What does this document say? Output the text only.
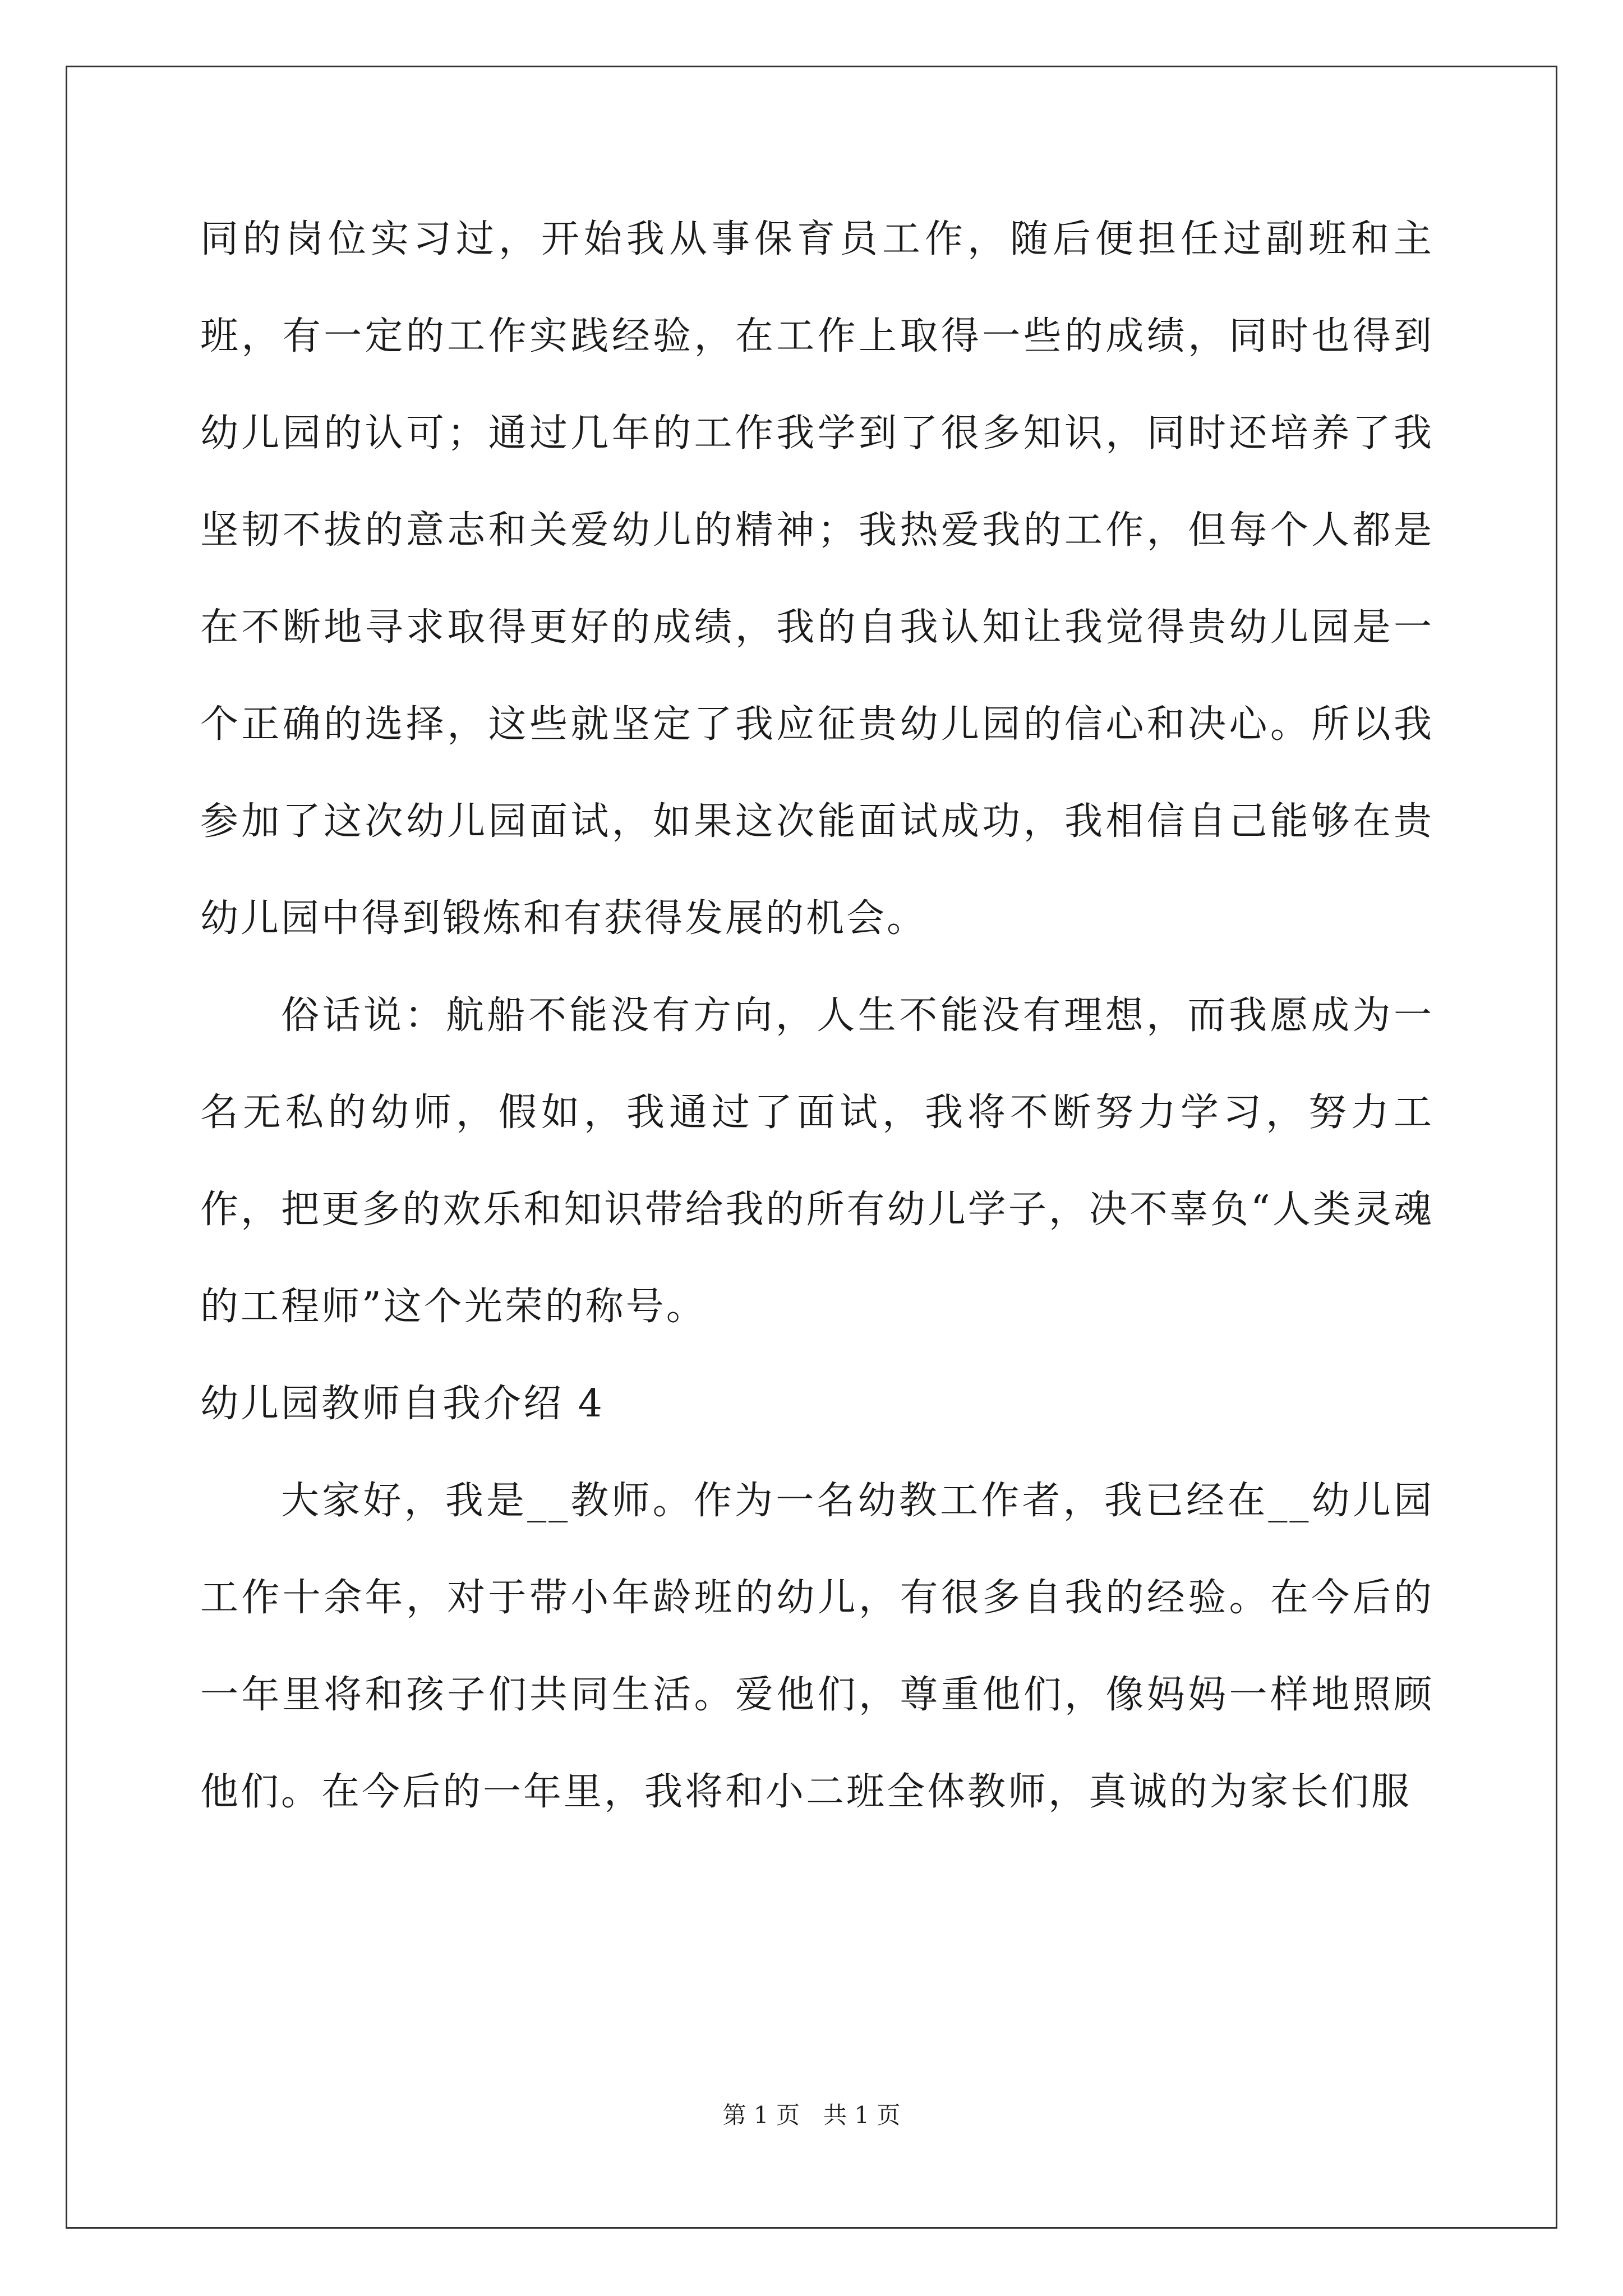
同的岗位实习过，开始我从事保育员工作，随后便担任过副班和主班，有一定的工作实践经验，在工作上取得一些的成绩，同时也得到幼儿园的认可；通过几年的工作我学到了很多知识，同时还培养了我坚韧不拔的意志和关爱幼儿的精神；我热爱我的工作，但每个人都是在不断地寻求取得更好的成绩，我的自我认知让我觉得贵幼儿园是一个正确的选择，这些就坚定了我应征贵幼儿园的信心和决心。所以我参加了这次幼儿园面试，如果这次能面试成功，我相信自己能够在贵幼儿园中得到锻炼和有获得发展的机会。

俗话说：航船不能没有方向，人生不能没有理想，而我愿成为一名无私的幼师，假如，我通过了面试，我将不断努力学习，努力工作，把更多的欢乐和知识带给我的所有幼儿学子，决不辜负“人类灵魂的工程师”这个光荣的称号。

幼儿园教师自我介绍 4

大家好，我是__教师。作为一名幼教工作者，我已经在__幼儿园工作十余年，对于带小年龄班的幼儿，有很多自我的经验。在今后的一年里将和孩子们共同生活。爱他们，尊重他们，像妈妈一样地照顾他们。在今后的一年里，我将和小二班全体教师，真诚的为家长们服

第 1 页 共 1 页
